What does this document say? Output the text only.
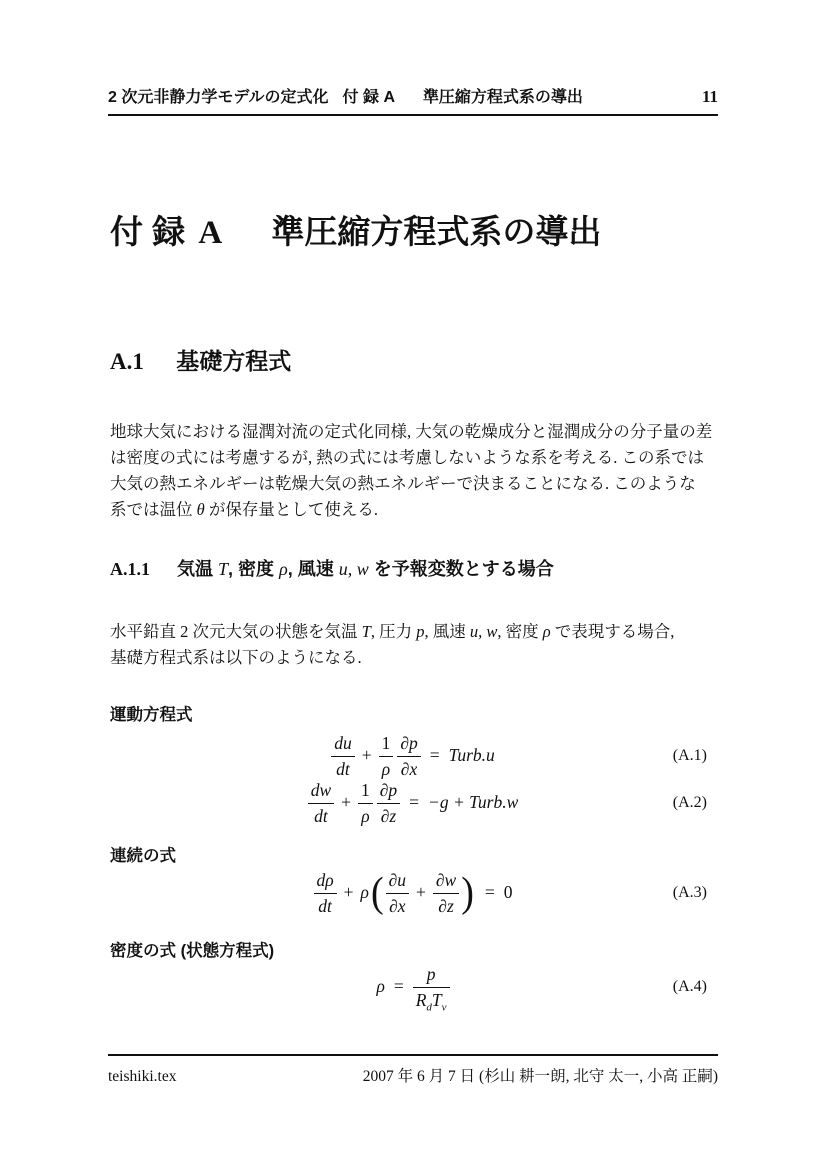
2 次元非静力学モデルの定式化 付 録 A 準圧縮方程式系の導出	11
付 録 A 準圧縮方程式系の導出
A.1 基礎方程式
地球大気における湿潤対流の定式化同様, 大気の乾燥成分と湿潤成分の分子量の差
は密度の式には考慮するが, 熱の式には考慮しないような系を考える. この系では
大気の熱エネルギーは乾燥大気の熱エネルギーで決まることになる. このような
系では温位 θ が保存量として使える.
A.1.1 気温 T, 密度 ρ, 風速 u, w を予報変数とする場合
水平鉛直 2 次元大気の状態を気温 T, 圧力 p, 風速 u, w, 密度 ρ で表現する場合,
基礎方程式系は以下のようになる.
運動方程式
$\frac{du}{dt} + \frac{1}{\rho} \frac{\partial p}{\partial x}$ = Turb.u	(A.1)
$\frac{dw}{dt} + \frac{1}{\rho} \frac{\partial p}{\partial z} = -g$ + Turb.w	(A.2)
連続の式
$\frac{d\rho}{dt} + \rho$ ( $\frac{\partial u}{\partial x} + \frac{\partial w}{\partial z}$ ) = 0	(A.3)
密度の式 (状態方程式)
$\rho = \frac{p}{R_dT_v}$	(A.4)
teishiki.tex	2007 年 6 月 7 日 (杉山 耕一朗, 北守 太一, 小高 正嗣)
